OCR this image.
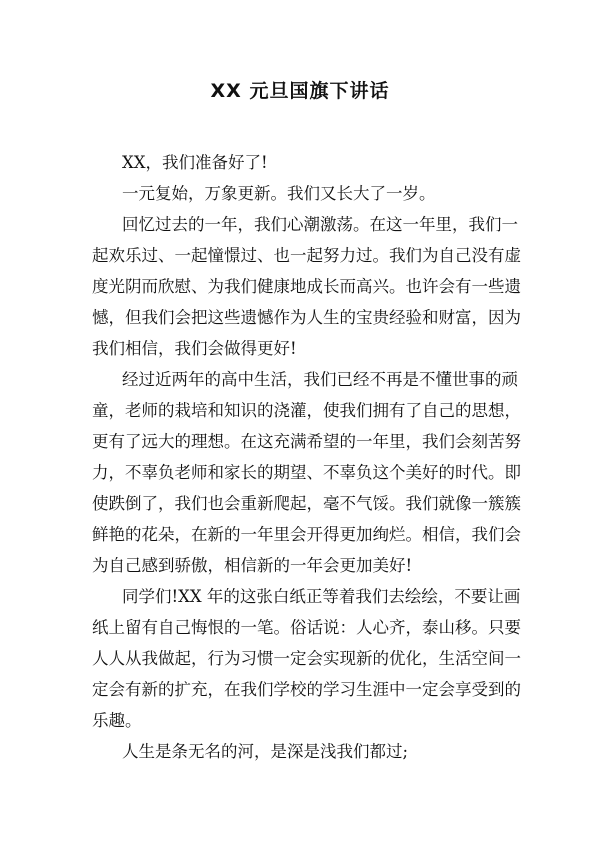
XX 元旦国旗下讲话
XX，我们准备好了!
一元复始，万象更新。我们又长大了一岁。
回忆过去的一年，我们心潮激荡。在这一年里，我们一
起欢乐过、一起憧憬过、也一起努力过。我们为自己没有虚
度光阴而欣慰、为我们健康地成长而高兴。也许会有一些遗
憾，但我们会把这些遗憾作为人生的宝贵经验和财富，因为
我们相信，我们会做得更好!
经过近两年的高中生活，我们已经不再是不懂世事的顽
童，老师的栽培和知识的浇灌，使我们拥有了自己的思想，
更有了远大的理想。在这充满希望的一年里，我们会刻苦努
力，不辜负老师和家长的期望、不辜负这个美好的时代。即
使跌倒了，我们也会重新爬起，毫不气馁。我们就像一簇簇
鲜艳的花朵，在新的一年里会开得更加绚烂。相信，我们会
为自己感到骄傲，相信新的一年会更加美好!
同学们!XX 年的这张白纸正等着我们去绘绘，不要让画
纸上留有自己悔恨的一笔。俗话说：人心齐，泰山移。只要
人人从我做起，行为习惯一定会实现新的优化，生活空间一
定会有新的扩充，在我们学校的学习生涯中一定会享受到的
乐趣。
人生是条无名的河，是深是浅我们都过;
